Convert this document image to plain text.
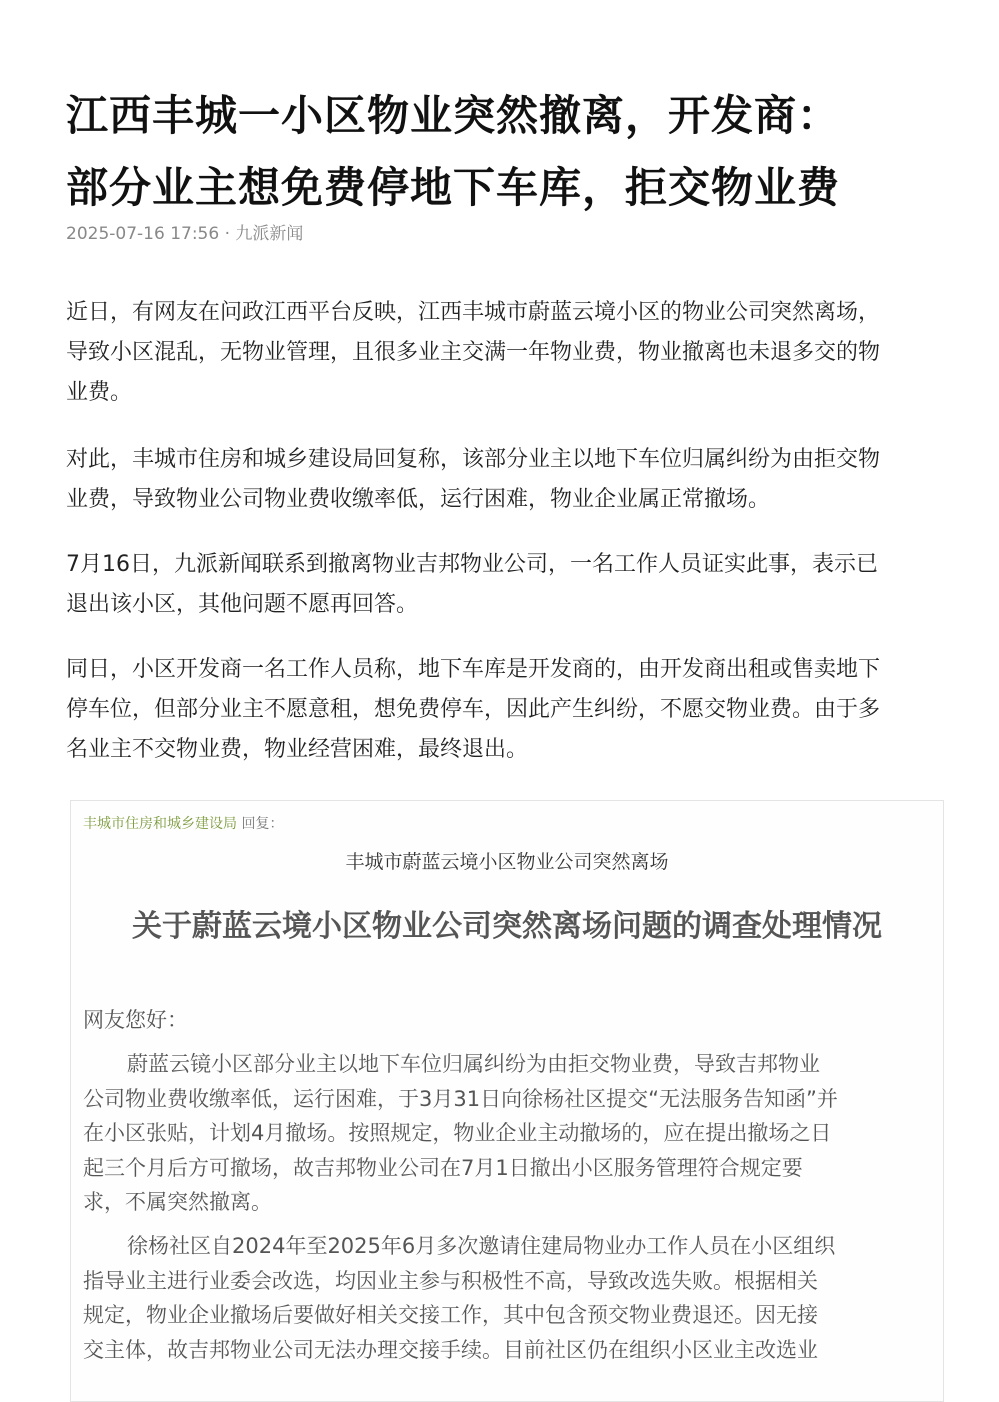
江西丰城一小区物业突然撤离，开发商：
部分业主想免费停地下车库，拒交物业费
2025-07-16 17:56 · 九派新闻
近日，有网友在问政江西平台反映，江西丰城市蔚蓝云境小区的物业公司突然离场，
导致小区混乱，无物业管理，且很多业主交满一年物业费，物业撤离也未退多交的物
业费。
对此，丰城市住房和城乡建设局回复称，该部分业主以地下车位归属纠纷为由拒交物
业费，导致物业公司物业费收缴率低，运行困难，物业企业属正常撤场。
7月16日，九派新闻联系到撤离物业吉邦物业公司，一名工作人员证实此事，表示已
退出该小区，其他问题不愿再回答。
同日，小区开发商一名工作人员称，地下车库是开发商的，由开发商出租或售卖地下
停车位，但部分业主不愿意租，想免费停车，因此产生纠纷，不愿交物业费。由于多
名业主不交物业费，物业经营困难，最终退出。
丰城市住房和城乡建设局 回复：
丰城市蔚蓝云境小区物业公司突然离场
关于蔚蓝云境小区物业公司突然离场问题的调查处理情况
网友您好：
蔚蓝云镜小区部分业主以地下车位归属纠纷为由拒交物业费，导致吉邦物业
公司物业费收缴率低，运行困难，于3月31日向徐杨社区提交“无法服务告知函”并
在小区张贴，计划4月撤场。按照规定，物业企业主动撤场的，应在提出撤场之日
起三个月后方可撤场，故吉邦物业公司在7月1日撤出小区服务管理符合规定要
求，不属突然撤离。
徐杨社区自2024年至2025年6月多次邀请住建局物业办工作人员在小区组织
指导业主进行业委会改选，均因业主参与积极性不高，导致改选失败。根据相关
规定，物业企业撤场后要做好相关交接工作，其中包含预交物业费退还。因无接
交主体，故吉邦物业公司无法办理交接手续。目前社区仍在组织小区业主改选业
